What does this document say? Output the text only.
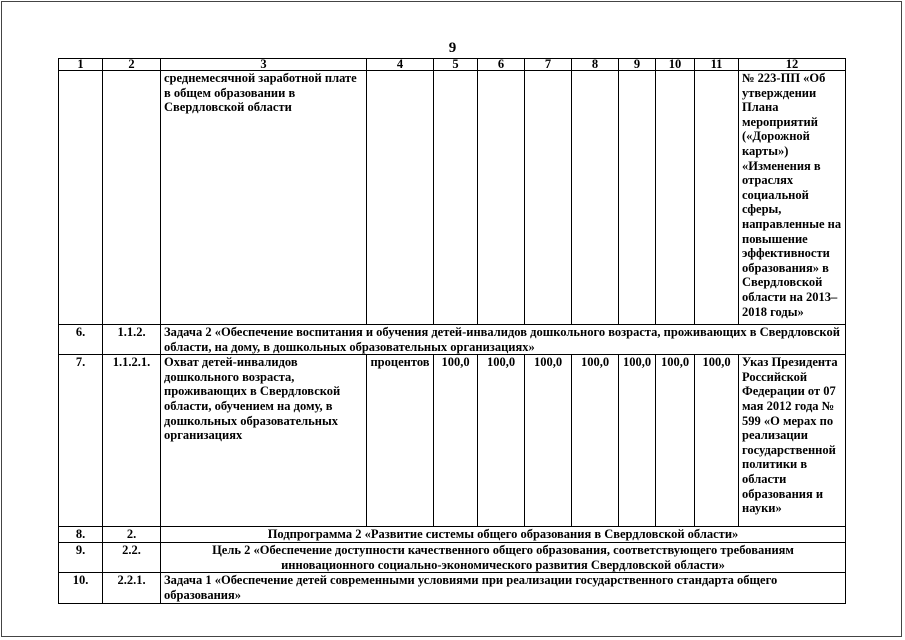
9
1	2	3	4	5	6	7	8	9	10	11	12
		среднемесячной заработной плате в общем образовании в Свердловской области									№ 223-ПП «Об утверждении Плана мероприятий («Дорожной карты») «Изменения в отраслях социальной сферы, направленные на повышение эффективности образования» в Свердловской области на 2013–2018 годы»
6.	1.1.2.	Задача 2 «Обеспечение воспитания и обучения детей-инвалидов дошкольного возраста, проживающих в Свердловской области, на дому, в дошкольных образовательных организациях»									
7.	1.1.2.1.	Охват детей-инвалидов дошкольного возраста, проживающих в Свердловской области, обучением на дому, в дошкольных образовательных организациях	процентов	100,0	100,0	100,0	100,0	100,0	100,0	100,0	Указ Президента Российской Федерации от 07 мая 2012 года № 599 «О мерах по реализации государственной политики в области образования и науки»
8.	2.	Подпрограмма 2 «Развитие системы общего образования в Свердловской области»									
9.	2.2.	Цель 2 «Обеспечение доступности качественного общего образования, соответствующего требованиям инновационного социально-экономического развития Свердловской области»									
10.	2.2.1.	Задача 1 «Обеспечение детей современными условиями при реализации государственного стандарта общего образования»									
